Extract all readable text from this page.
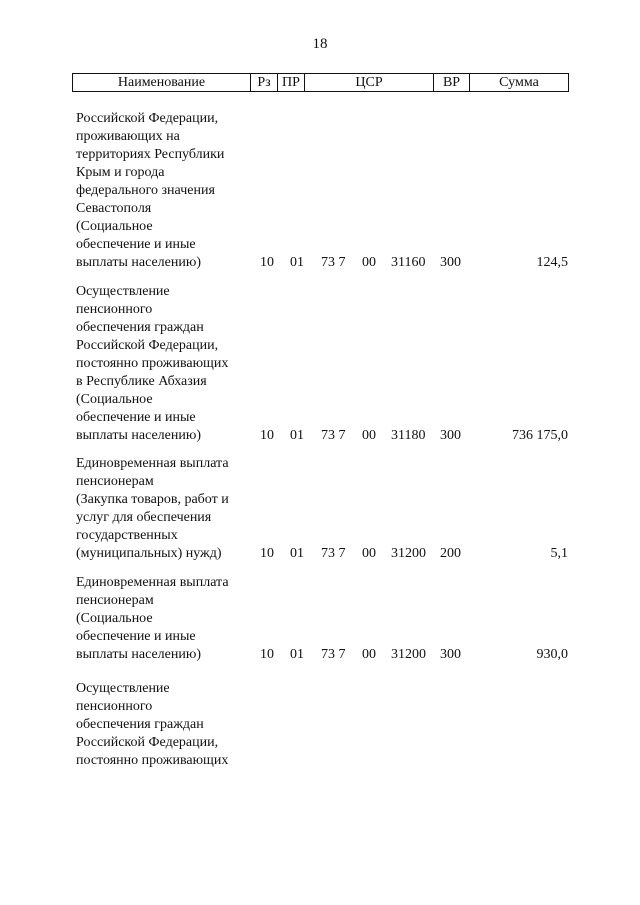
18
Наименование	Рз ПР	ЦСР	ВР	Сумма
Российской Федерации,
проживающих на
территориях Республики
Крым и города
федерального значения
Севастополя
(Социальное
обеспечение и иные
выплаты населению)	10 01 73 7 00 31160 300	124,5
Осуществление
пенсионного
обеспечения граждан
Российской Федерации,
постоянно проживающих
в Республике Абхазия
(Социальное
обеспечение и иные
выплаты населению)	10 01 73 7 00 31180 300	736 175,0
Единовременная выплата
пенсионерам
(Закупка товаров, работ и
услуг для обеспечения
государственных
(муниципальных) нужд)	10 01 73 7 00 31200 200	5,1
Единовременная выплата
пенсионерам
(Социальное
обеспечение и иные
выплаты населению)	10 01 73 7 00 31200 300	930,0
Осуществление
пенсионного
обеспечения граждан
Российской Федерации,
постоянно проживающих
